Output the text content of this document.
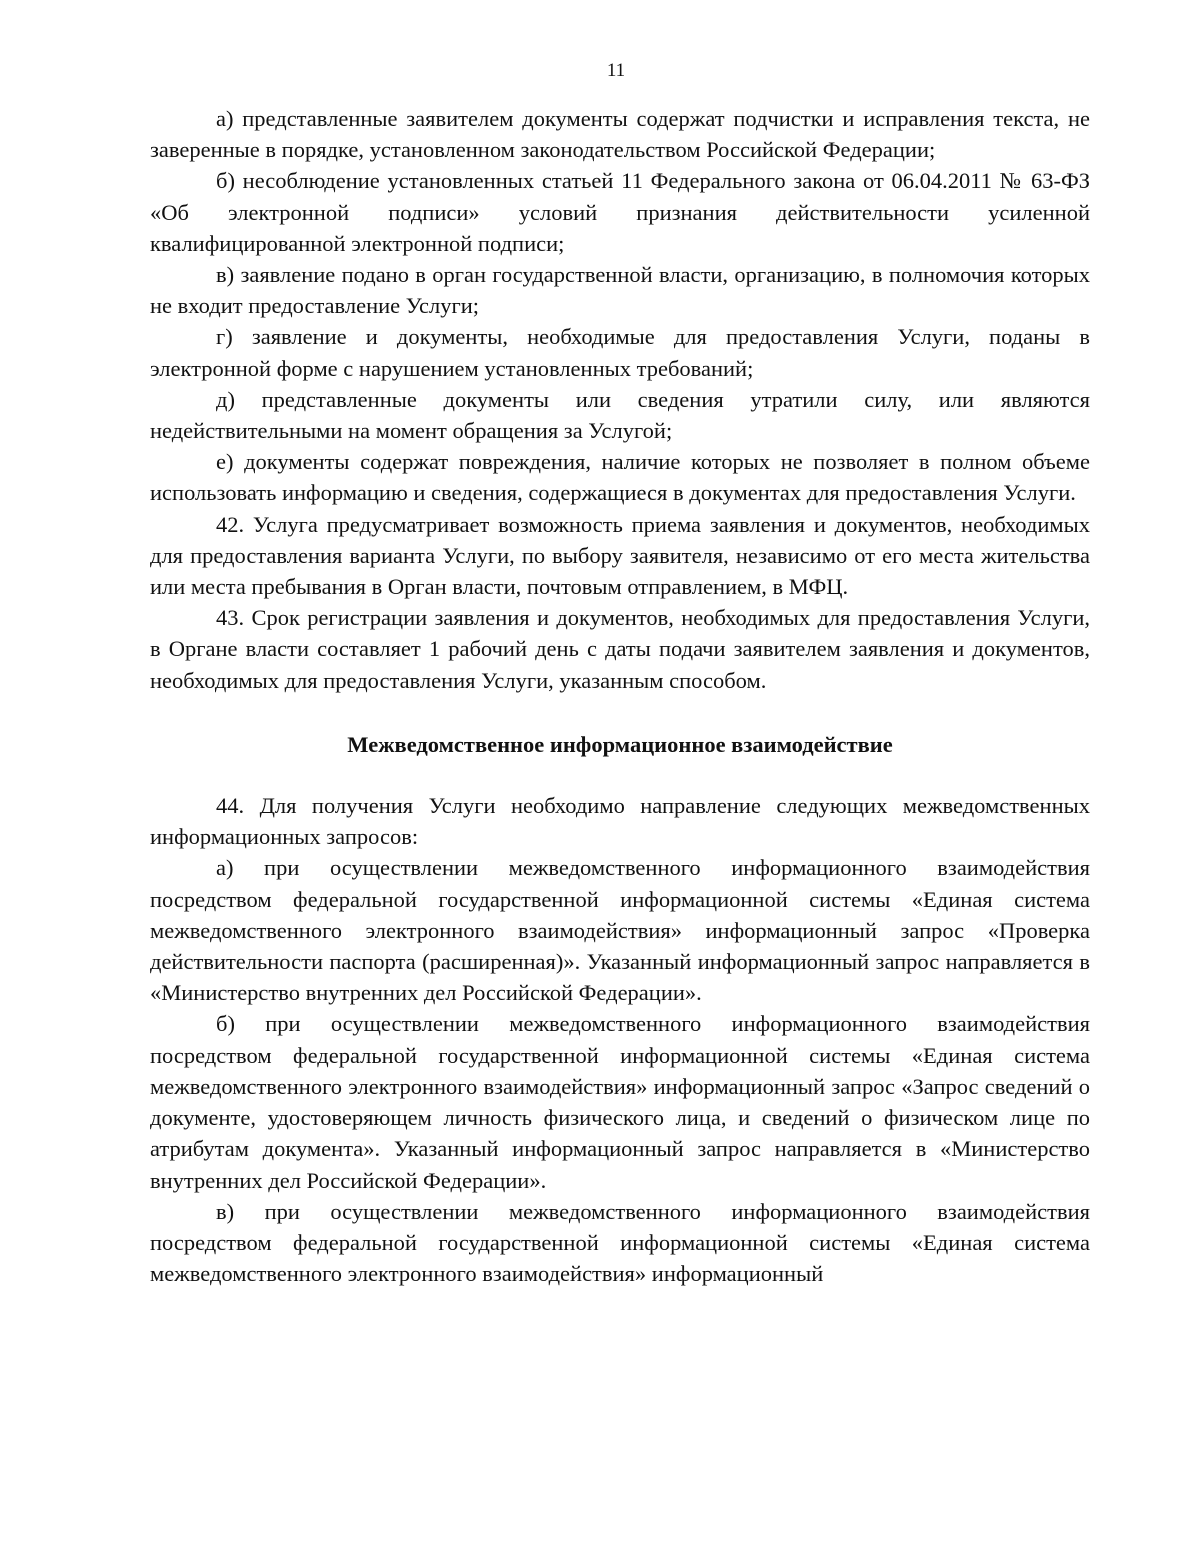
11

а) представленные заявителем документы содержат подчистки и исправления текста, не заверенные в порядке, установленном законодательством Российской Федерации;

б) несоблюдение установленных статьей 11 Федерального закона от 06.04.2011 № 63-ФЗ «Об электронной подписи» условий признания действительности усиленной квалифицированной электронной подписи;

в) заявление подано в орган государственной власти, организацию, в полномочия которых не входит предоставление Услуги;

г) заявление и документы, необходимые для предоставления Услуги, поданы в электронной форме с нарушением установленных требований;

д) представленные документы или сведения утратили силу, или являются недействительными на момент обращения за Услугой;

е) документы содержат повреждения, наличие которых не позволяет в полном объеме использовать информацию и сведения, содержащиеся в документах для предоставления Услуги.

42. Услуга предусматривает возможность приема заявления и документов, необходимых для предоставления варианта Услуги, по выбору заявителя, независимо от его места жительства или места пребывания в Орган власти, почтовым отправлением, в МФЦ.

43. Срок регистрации заявления и документов, необходимых для предоставления Услуги, в Органе власти составляет 1 рабочий день с даты подачи заявителем заявления и документов, необходимых для предоставления Услуги, указанным способом.

Межведомственное информационное взаимодействие

44. Для получения Услуги необходимо направление следующих межведомственных информационных запросов:

а) при осуществлении межведомственного информационного взаимодействия посредством федеральной государственной информационной системы «Единая система межведомственного электронного взаимодействия» информационный запрос «Проверка действительности паспорта (расширенная)». Указанный информационный запрос направляется в «Министерство внутренних дел Российской Федерации».

б) при осуществлении межведомственного информационного взаимодействия посредством федеральной государственной информационной системы «Единая система межведомственного электронного взаимодействия» информационный запрос «Запрос сведений о документе, удостоверяющем личность физического лица, и сведений о физическом лице по атрибутам документа». Указанный информационный запрос направляется в «Министерство внутренних дел Российской Федерации».

в) при осуществлении межведомственного информационного взаимодействия посредством федеральной государственной информационной системы «Единая система межведомственного электронного взаимодействия» информационный
